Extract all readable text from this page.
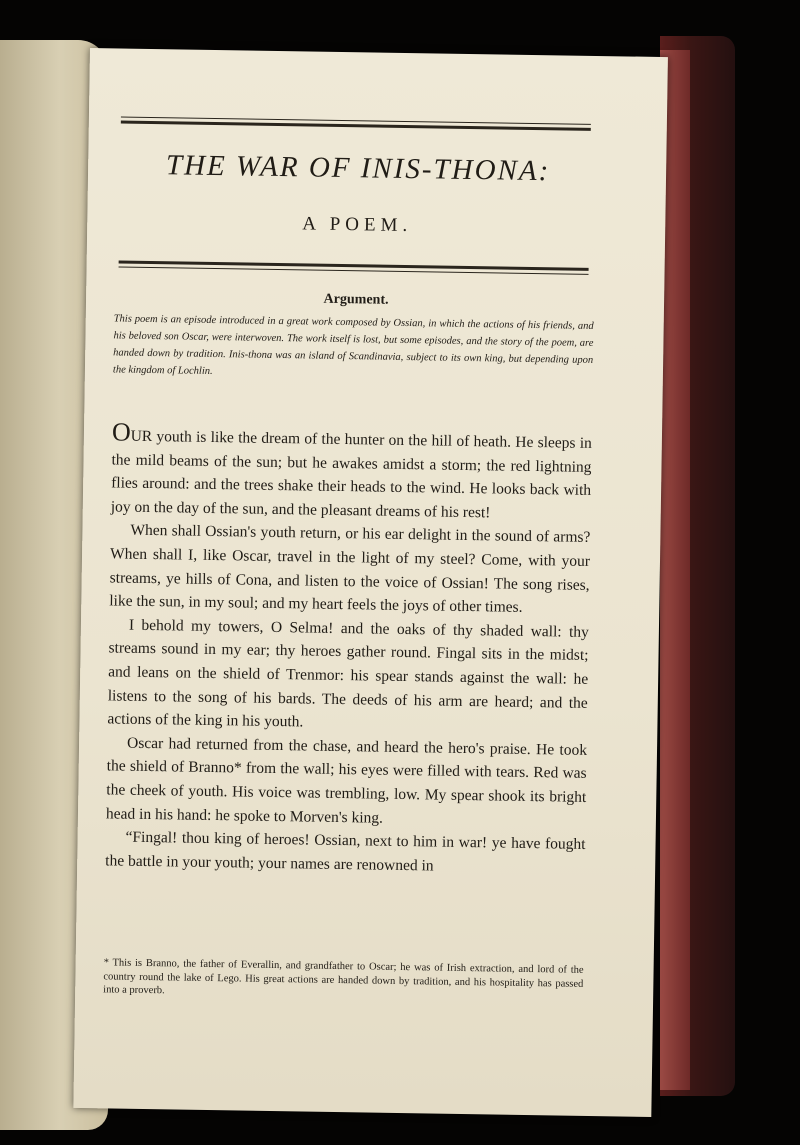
THE WAR OF INIS-THONA:
A POEM.
Argument.
This poem is an episode introduced in a great work composed by Ossian, in which the actions of his friends, and his beloved son Oscar, were interwoven. The work itself is lost, but some episodes, and the story of the poem, are handed down by tradition. Inis-thona was an island of Scandinavia, subject to its own king, but depending upon the kingdom of Lochlin.

OUR youth is like the dream of the hunter on the hill of heath. He sleeps in the mild beams of the sun; but he awakes amidst a storm; the red lightning flies around: and the trees shake their heads to the wind. He looks back with joy on the day of the sun, and the pleasant dreams of his rest!

When shall Ossian's youth return, or his ear delight in the sound of arms? When shall I, like Oscar, travel in the light of my steel? Come, with your streams, ye hills of Cona, and listen to the voice of Ossian! The song rises, like the sun, in my soul; and my heart feels the joys of other times.

I behold my towers, O Selma! and the oaks of thy shaded wall: thy streams sound in my ear; thy heroes gather round. Fingal sits in the midst; and leans on the shield of Trenmor: his spear stands against the wall: he listens to the song of his bards. The deeds of his arm are heard; and the actions of the king in his youth.

Oscar had returned from the chase, and heard the hero's praise. He took the shield of Branno* from the wall; his eyes were filled with tears. Red was the cheek of youth. His voice was trembling, low. My spear shook its bright head in his hand: he spoke to Morven's king.

“Fingal! thou king of heroes! Ossian, next to him in war! ye have fought the battle in your youth; your names are renowned in

* This is Branno, the father of Everallin, and grandfather to Oscar; he was of Irish extraction, and lord of the country round the lake of Lego. His great actions are handed down by tradition, and his hospitality has passed into a proverb.
